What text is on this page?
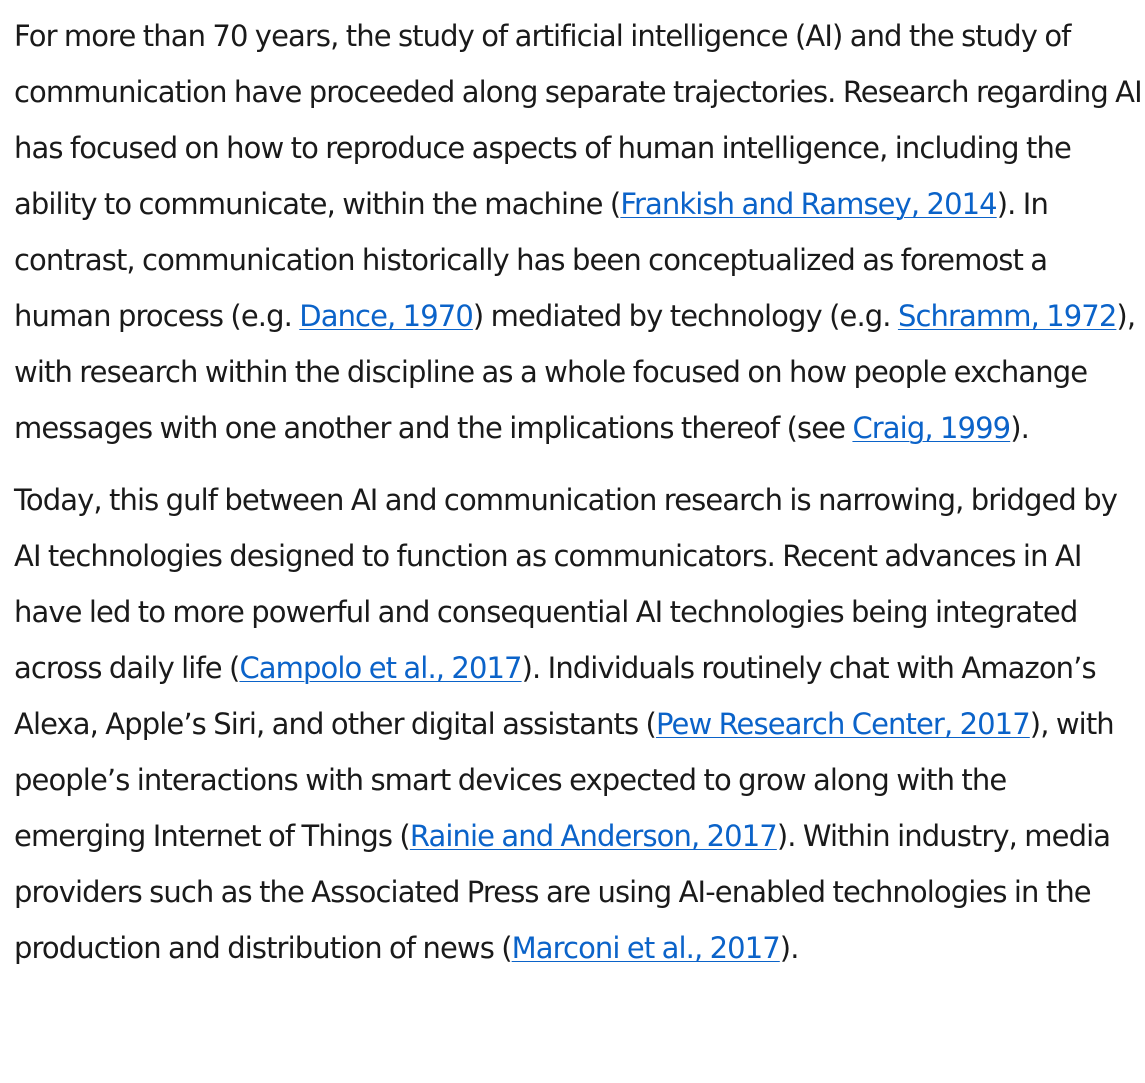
For more than 70 years, the study of artificial intelligence (AI) and the study of communication have proceeded along separate trajectories. Research regarding AI has focused on how to reproduce aspects of human intelligence, including the ability to communicate, within the machine (Frankish and Ramsey, 2014). In contrast, communication historically has been conceptualized as foremost a human process (e.g. Dance, 1970) mediated by technology (e.g. Schramm, 1972), with research within the discipline as a whole focused on how people exchange messages with one another and the implications thereof (see Craig, 1999).

Today, this gulf between AI and communication research is narrowing, bridged by AI technologies designed to function as communicators. Recent advances in AI have led to more powerful and consequential AI technologies being integrated across daily life (Campolo et al., 2017). Individuals routinely chat with Amazon’s Alexa, Apple’s Siri, and other digital assistants (Pew Research Center, 2017), with people’s interactions with smart devices expected to grow along with the emerging Internet of Things (Rainie and Anderson, 2017). Within industry, media providers such as the Associated Press are using AI-enabled technologies in the production and distribution of news (Marconi et al., 2017).
